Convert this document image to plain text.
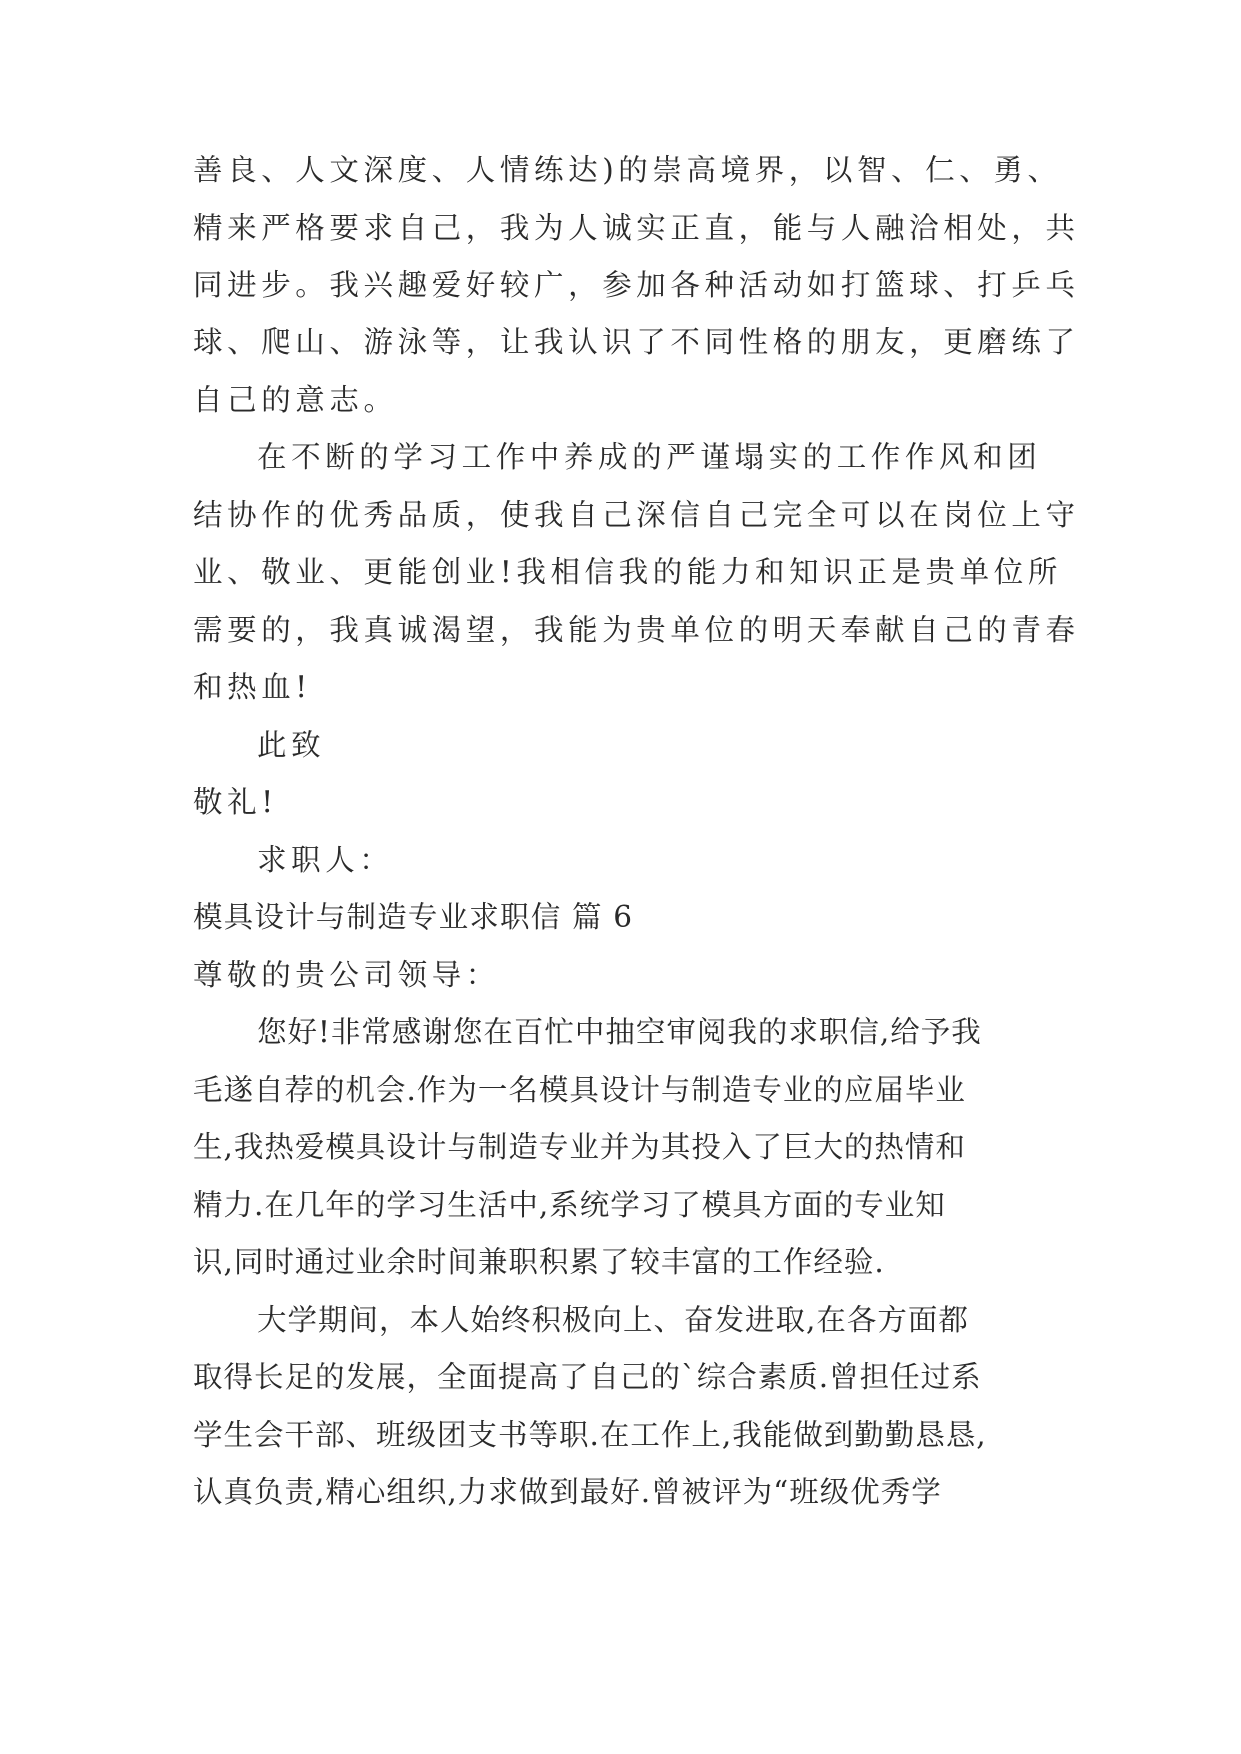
善良、人文深度、人情练达)的崇高境界，以智、仁、勇、
精来严格要求自己，我为人诚实正直，能与人融洽相处，共
同进步。我兴趣爱好较广，参加各种活动如打篮球、打乒乓
球、爬山、游泳等，让我认识了不同性格的朋友，更磨练了
自己的意志。
在不断的学习工作中养成的严谨塌实的工作作风和团
结协作的优秀品质，使我自己深信自己完全可以在岗位上守
业、敬业、更能创业!我相信我的能力和知识正是贵单位所
需要的，我真诚渴望，我能为贵单位的明天奉献自己的青春
和热血!
此致
敬礼!
求职人：
模具设计与制造专业求职信 篇 6
尊敬的贵公司领导：
您好!非常感谢您在百忙中抽空审阅我的求职信,给予我
毛遂自荐的机会.作为一名模具设计与制造专业的应届毕业
生,我热爱模具设计与制造专业并为其投入了巨大的热情和
精力.在几年的学习生活中,系统学习了模具方面的专业知
识,同时通过业余时间兼职积累了较丰富的工作经验.
大学期间，本人始终积极向上、奋发进取,在各方面都
取得长足的发展，全面提高了自己的`综合素质.曾担任过系
学生会干部、班级团支书等职.在工作上,我能做到勤勤恳恳,
认真负责,精心组织,力求做到最好.曾被评为“班级优秀学
